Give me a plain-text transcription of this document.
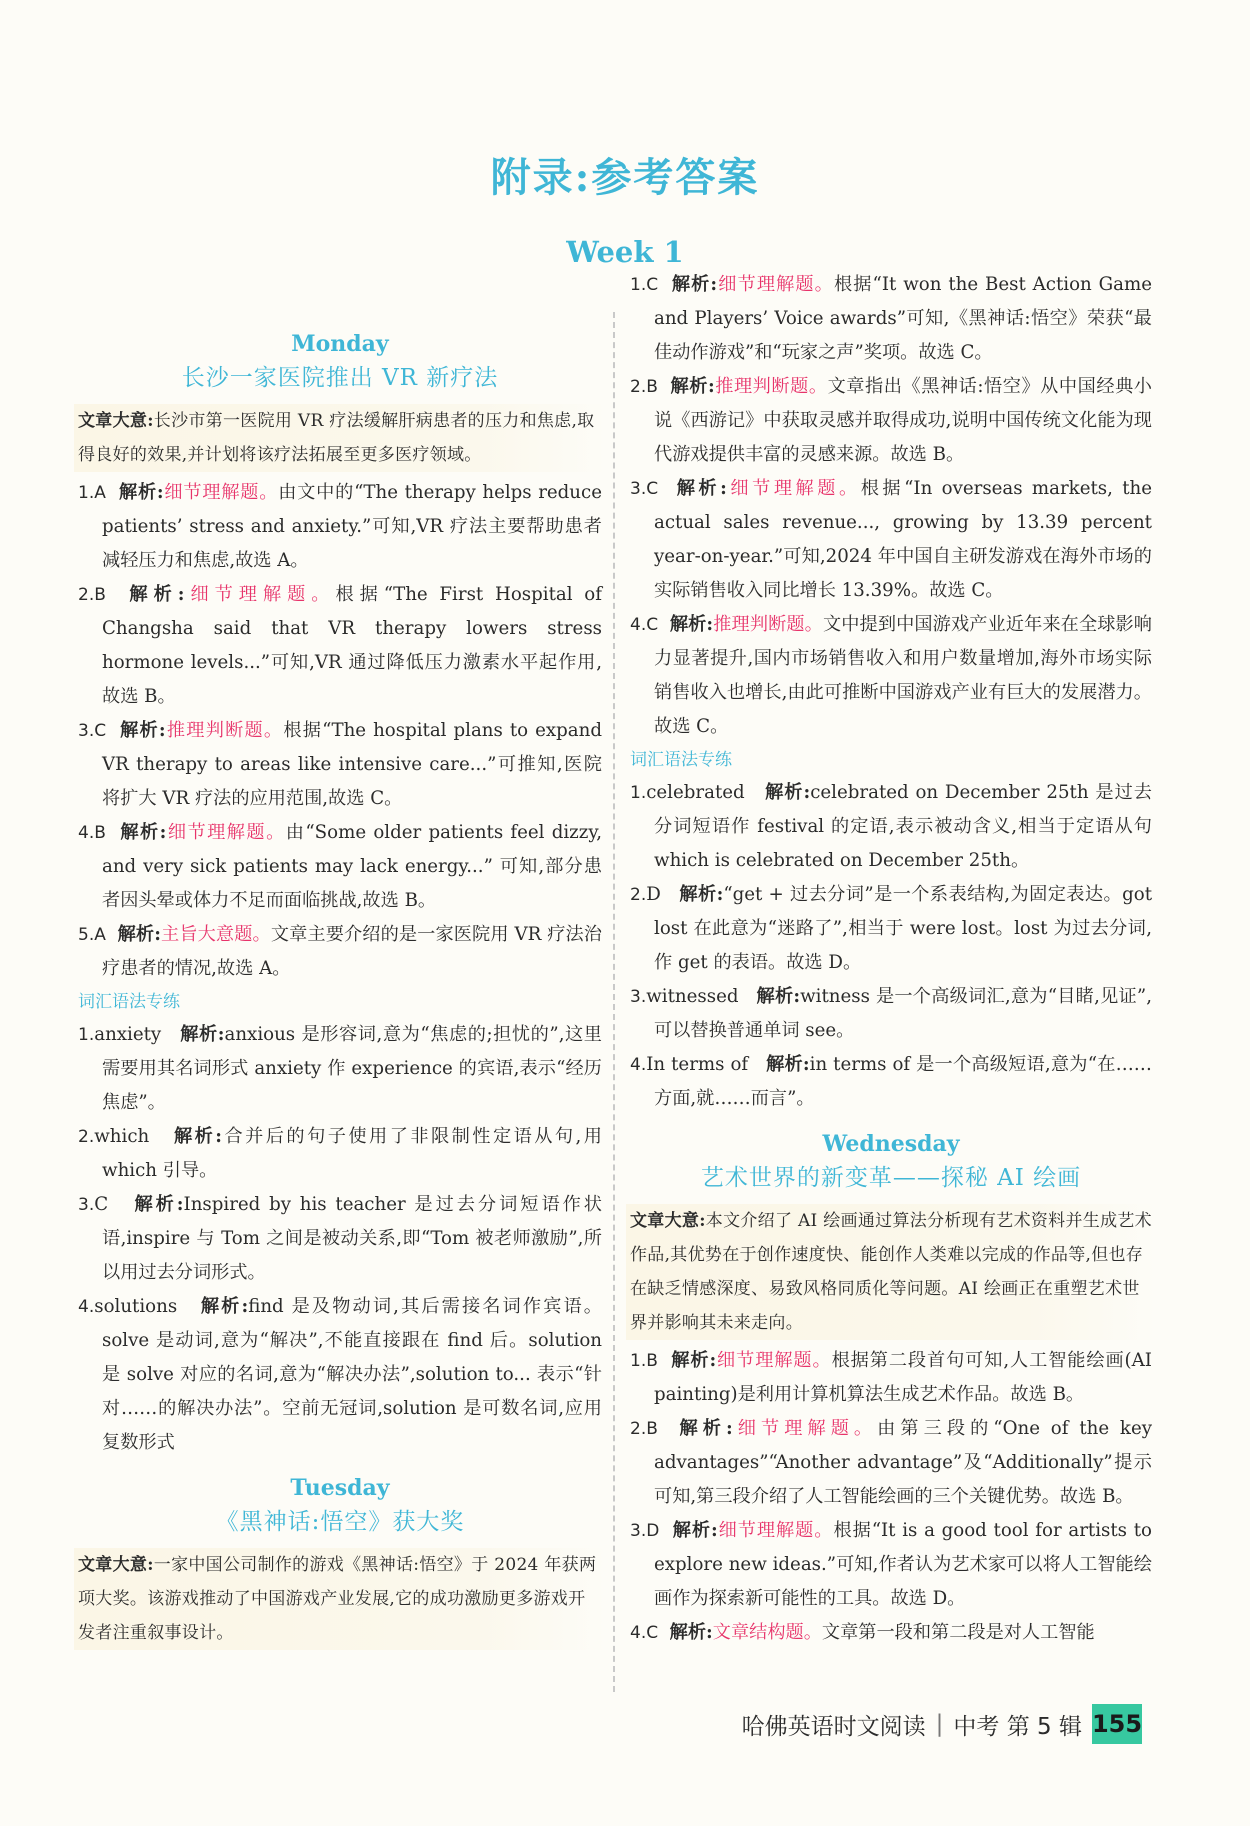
附录:参考答案
Week 1
Monday
长沙一家医院推出 VR 新疗法
文章大意:长沙市第一医院用 VR 疗法缓解肝病患者的压力和焦虑,取得良好的效果,并计划将该疗法拓展至更多医疗领域。
1.A 解析:细节理解题。由文中的“The therapy helps reduce patients’ stress and anxiety.”可知,VR 疗法主要帮助患者减轻压力和焦虑,故选 A。
2.B 解析:细节理解题。根据“The First Hospital of Changsha said that VR therapy lowers stress hormone levels...”可知,VR 通过降低压力激素水平起作用,故选 B。
3.C 解析:推理判断题。根据“The hospital plans to expand VR therapy to areas like intensive care...”可推知,医院将扩大 VR 疗法的应用范围,故选 C。
4.B 解析:细节理解题。由“Some older patients feel dizzy, and very sick patients may lack energy...” 可知,部分患者因头晕或体力不足而面临挑战,故选 B。
5.A 解析:主旨大意题。文章主要介绍的是一家医院用 VR 疗法治疗患者的情况,故选 A。
词汇语法专练
1.anxiety 解析:anxious 是形容词,意为“焦虑的;担忧的”,这里需要用其名词形式 anxiety 作 experience 的宾语,表示“经历焦虑”。
2.which 解析:合并后的句子使用了非限制性定语从句,用 which 引导。
3.C 解析:Inspired by his teacher 是过去分词短语作状语,inspire 与 Tom 之间是被动关系,即“Tom 被老师激励”,所以用过去分词形式。
4.solutions 解析:find 是及物动词,其后需接名词作宾语。solve 是动词,意为“解决”,不能直接跟在 find 后。solution 是 solve 对应的名词,意为“解决办法”,solution to... 表示“针对……的解决办法”。空前无冠词,solution 是可数名词,应用复数形式
Tuesday
《黑神话:悟空》获大奖
文章大意:一家中国公司制作的游戏《黑神话:悟空》于 2024 年获两项大奖。该游戏推动了中国游戏产业发展,它的成功激励更多游戏开发者注重叙事设计。
1.C 解析:细节理解题。根据“It won the Best Action Game and Players’ Voice awards”可知,《黑神话:悟空》荣获“最佳动作游戏”和“玩家之声”奖项。故选 C。
2.B 解析:推理判断题。文章指出《黑神话:悟空》从中国经典小说《西游记》中获取灵感并取得成功,说明中国传统文化能为现代游戏提供丰富的灵感来源。故选 B。
3.C 解析:细节理解题。根据“In overseas markets, the actual sales revenue..., growing by 13.39 percent year-on-year.”可知,2024 年中国自主研发游戏在海外市场的实际销售收入同比增长 13.39%。故选 C。
4.C 解析:推理判断题。文中提到中国游戏产业近年来在全球影响力显著提升,国内市场销售收入和用户数量增加,海外市场实际销售收入也增长,由此可推断中国游戏产业有巨大的发展潜力。故选 C。
词汇语法专练
1.celebrated 解析:celebrated on December 25th 是过去分词短语作 festival 的定语,表示被动含义,相当于定语从句 which is celebrated on December 25th。
2.D 解析:“get + 过去分词”是一个系表结构,为固定表达。got lost 在此意为“迷路了”,相当于 were lost。lost 为过去分词,作 get 的表语。故选 D。
3.witnessed 解析:witness 是一个高级词汇,意为“目睹,见证”,可以替换普通单词 see。
4.In terms of 解析:in terms of 是一个高级短语,意为“在……方面,就……而言”。
Wednesday
艺术世界的新变革——探秘 AI 绘画
文章大意:本文介绍了 AI 绘画通过算法分析现有艺术资料并生成艺术作品,其优势在于创作速度快、能创作人类难以完成的作品等,但也存在缺乏情感深度、易致风格同质化等问题。AI 绘画正在重塑艺术世界并影响其未来走向。
1.B 解析:细节理解题。根据第二段首句可知,人工智能绘画(AI painting)是利用计算机算法生成艺术作品。故选 B。
2.B 解析:细节理解题。由第三段的“One of the key advantages”“Another advantage”及“Additionally”提示可知,第三段介绍了人工智能绘画的三个关键优势。故选 B。
3.D 解析:细节理解题。根据“It is a good tool for artists to explore new ideas.”可知,作者认为艺术家可以将人工智能绘画作为探索新可能性的工具。故选 D。
4.C 解析:文章结构题。文章第一段和第二段是对人工智能
哈佛英语时文阅读 | 中考 第 5 辑 155
